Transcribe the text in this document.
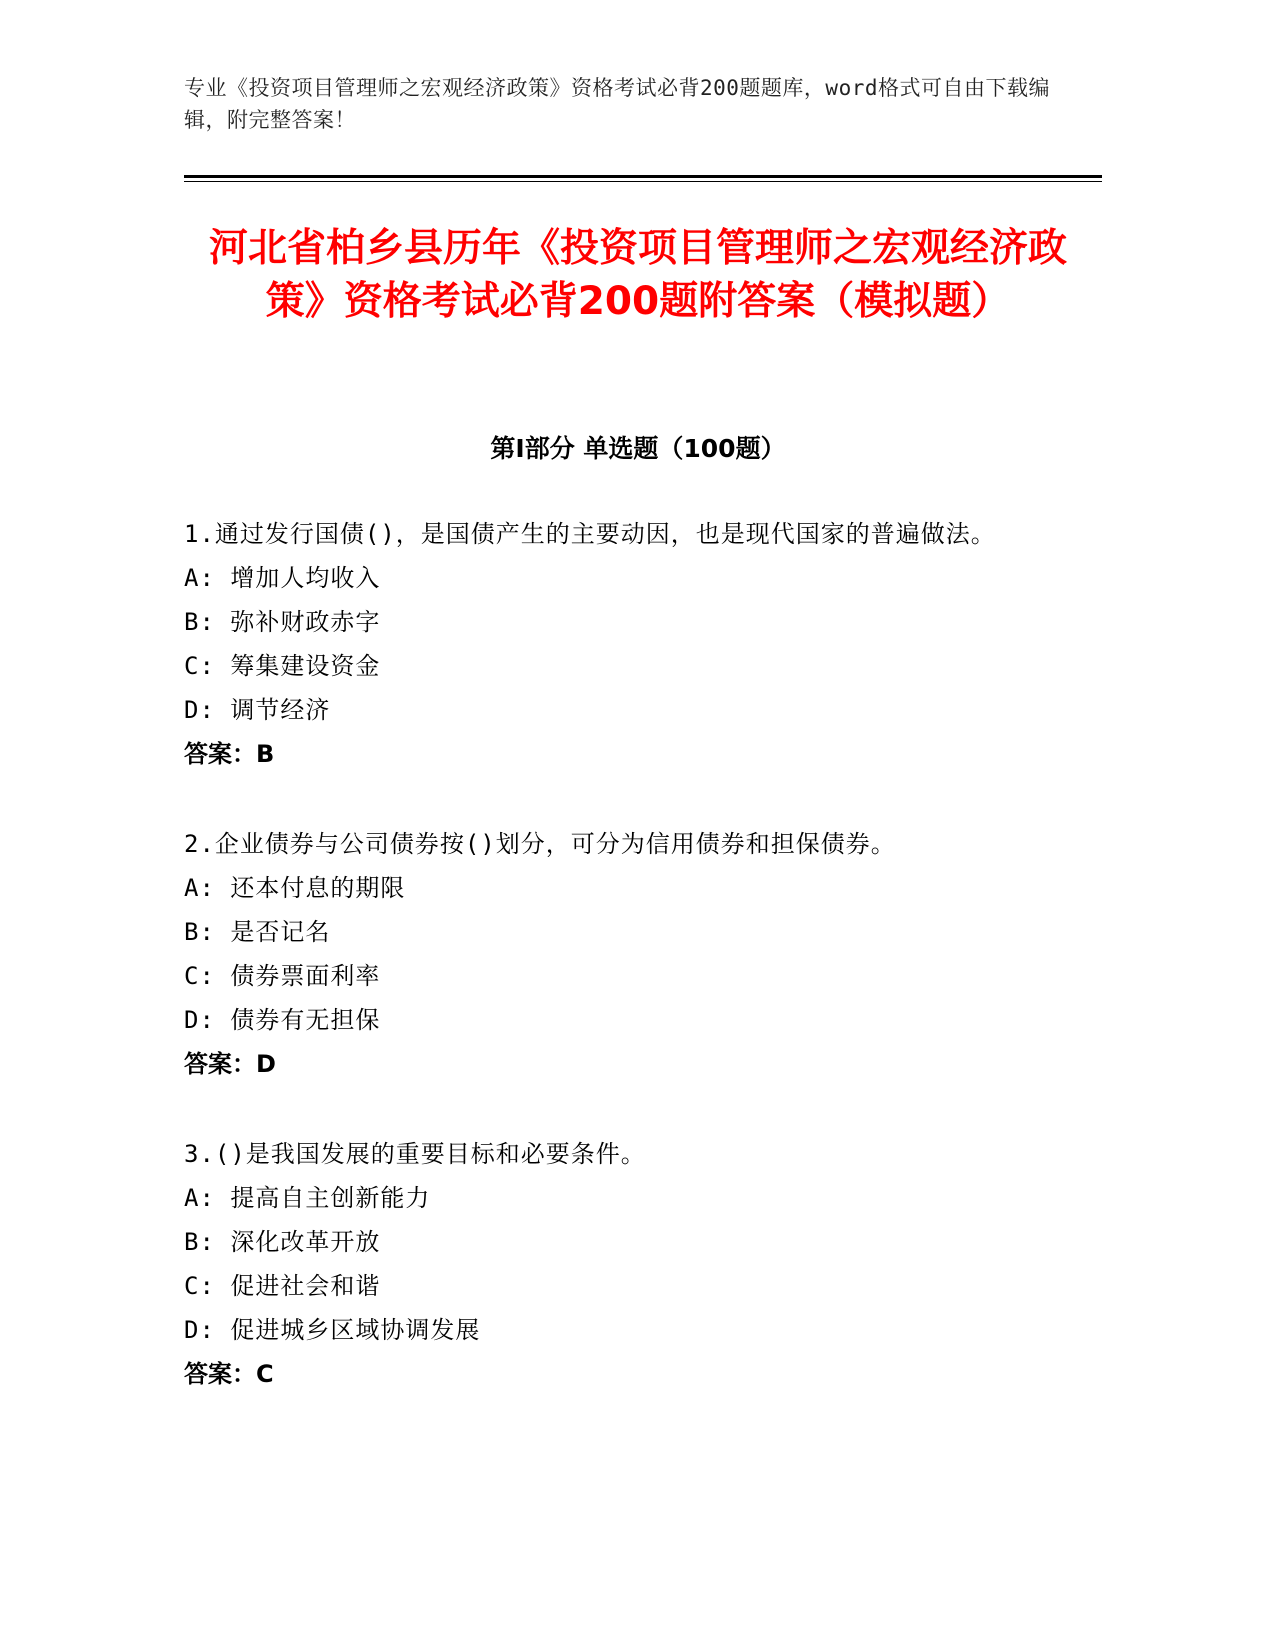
专业《投资项目管理师之宏观经济政策》资格考试必背200题题库，word格式可自由下载编辑，附完整答案！
河北省柏乡县历年《投资项目管理师之宏观经济政策》资格考试必背200题附答案（模拟题）
第I部分 单选题（100题）

1.通过发行国债()，是国债产生的主要动因，也是现代国家的普遍做法。

A: 增加人均收入

B: 弥补财政赤字

C: 筹集建设资金

D: 调节经济

答案：B

2.企业债券与公司债券按()划分，可分为信用债券和担保债券。

A: 还本付息的期限

B: 是否记名

C: 债券票面利率

D: 债券有无担保

答案：D

3.()是我国发展的重要目标和必要条件。

A: 提高自主创新能力

B: 深化改革开放

C: 促进社会和谐

D: 促进城乡区域协调发展

答案：C
